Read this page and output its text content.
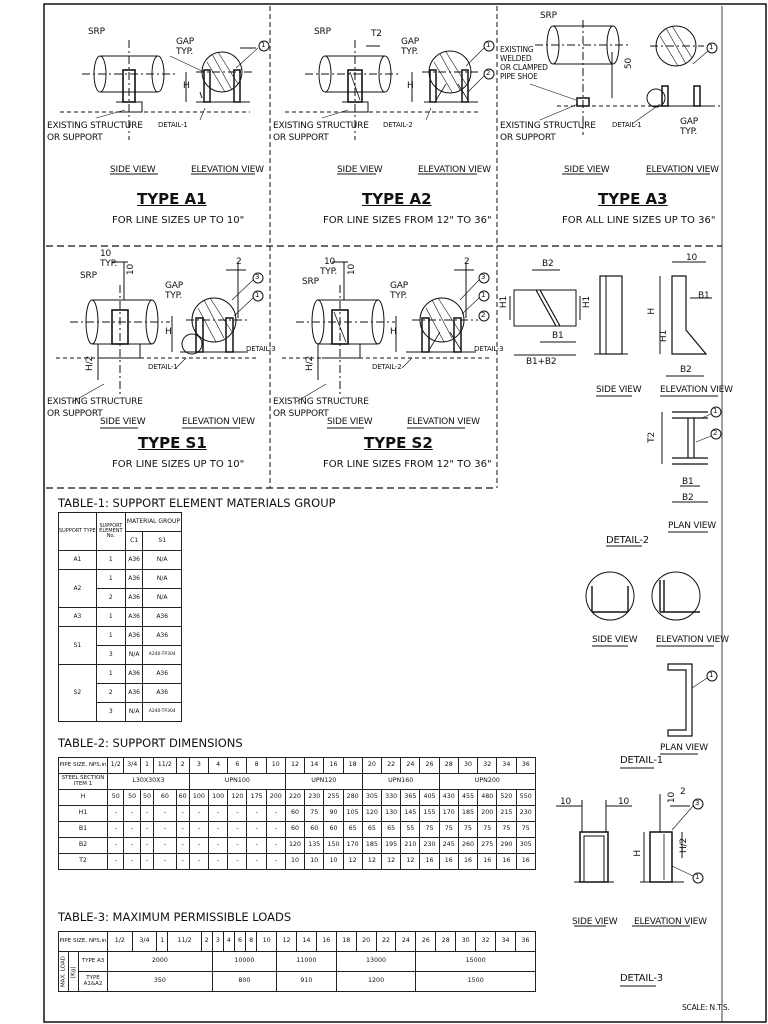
SRP
GAP
TYP.
H
DETAIL-1
EXISTING STRUCTURE
OR SUPPORT
SIDE VIEW	ELEVATION VIEW
TYPE A1
FOR LINE SIZES UP TO 10"
SRP	T2
GAP
TYP.
H
DETAIL-2
EXISTING STRUCTURE
OR SUPPORT
SIDE VIEW	ELEVATION VIEW
TYPE A2
FOR LINE SIZES FROM 12" TO 36"
SRP
EXISTING
WELDED
OR CLAMPED
PIPE SHOE
50
GAP
TYP.
DETAIL-1
EXISTING STRUCTURE
OR SUPPORT
SIDE VIEW	ELEVATION VIEW
TYPE A3
FOR ALL LINE SIZES UP TO 36"
10
TYP. 10
SRP
GAP
TYP.
2
H
H/2	DETAIL-1
DETAIL-3
EXISTING STRUCTURE
OR SUPPORT
SIDE VIEW	ELEVATION VIEW
TYPE S1
FOR LINE SIZES UP TO 10"
10
TYP. 10
SRP	GAP
TYP.
2
H
H/2	DETAIL-2
DETAIL-3
EXISTING STRUCTURE
OR SUPPORT
SIDE VIEW	ELEVATION VIEW
TYPE S2
FOR LINE SIZES FROM 12" TO 36"
1	1
2
1
3
1
3
1
2
1
2
1
3
1
B2
H1	H1
B1
B1+B2
10
B1
H
H1
B2
SIDE VIEW ELEVATION VIEW
T2
B1
B2
PLAN VIEW
DETAIL-2
SIDE VIEW ELEVATION VIEW
PLAN VIEW
DETAIL-1
10	10	10 2
H
H/2
SIDE VIEW ELEVATION VIEW
DETAIL-3
SCALE: N.T.S.
TABLE-1: SUPPORT ELEMENT MATERIALS GROUP
SUPPORT TYPE	SUPPORT ELEMENT No.	MATERIAL GROUP	
		C1	S1
A1	1	A36	N/A
A2	1	A36	N/A
	2	A36	N/A
A3	1	A36	A36
S1	1	A36	A36
	3	N/A	A240-TP304
S2	1	A36	A36
	2	A36	A36
	3	N/A	A240-TP304
TABLE-2: SUPPORT DIMENSIONS
PIPE SIZE, NPS,in	1/2	3/4	1	11/2	2	3	4	6	8	10	12	14	16	18	20	22	24	26	28	30	32	34	36
STEEL SECTION ITEM 1	L30X30X3					UPN100					UPN120				UPN160				UPN200				
H	50	50	50	60	60	100	100	120	175	200	220	230	255	280	305	330	365	405	430	455	480	520	550
H1	-	-	-	-	-	-	-	-	-	-	60	75	90	105	120	130	145	155	170	185	200	215	230
B1	-	-	-	-	-	-	-	-	-	-	60	60	60	65	65	65	55	75	75	75	75	75	75
B2	-	-	-	-	-	-	-	-	-	-	120	135	150	170	185	195	210	230	245	260	275	290	305
T2	-	-	-	-	-	-	-	-	-	-	10	10	10	12	12	12	12	16	16	16	16	16	16
TABLE-3: MAXIMUM PERMISSIBLE LOADS
PIPE SIZE, NPS,in			1/2	3/4	1	11/2	2	3	4	6	8	10	12	14	16	18	20	22	24	26	28	30	32	34	36
MAX. LOAD	[Kg]	TYPE A3	2000					10000					11000			13000				15000					
		TYPE A1&A2	350					800					910			1200				1500					
